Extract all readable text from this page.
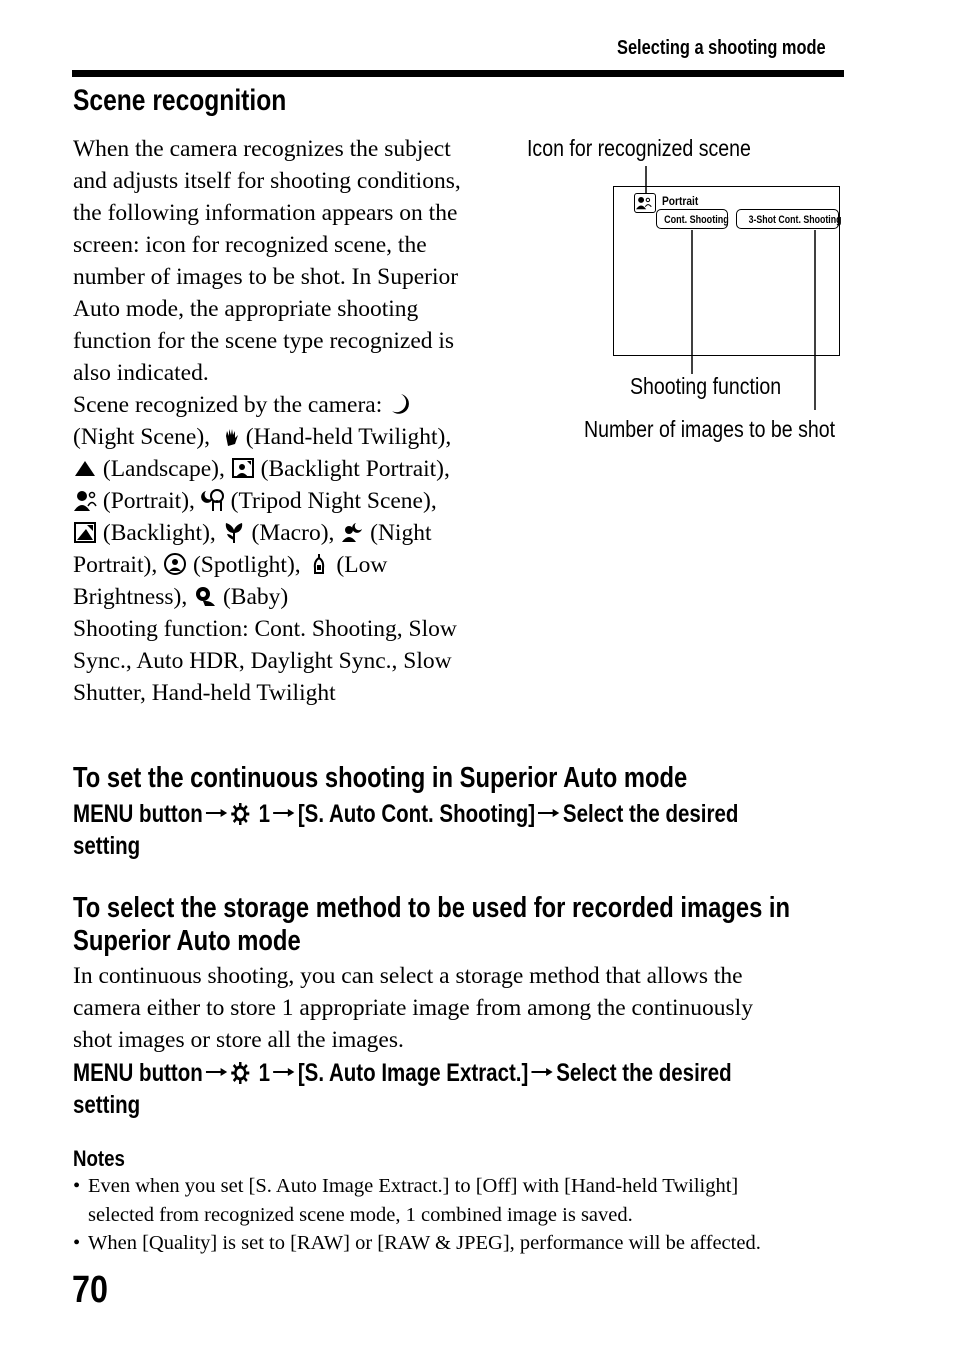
Selecting a shooting mode
Scene recognition
When the camera recognizes the subject
and adjusts itself for shooting conditions,
the following information appears on the
screen: icon for recognized scene, the
number of images to be shot. In Superior
Auto mode, the appropriate shooting
function for the scene type recognized is
also indicated.
Scene recognized by the camera:
(Night Scene), (Hand-held Twilight),
(Landscape), (Backlight Portrait),
(Portrait), (Tripod Night Scene),
(Backlight), (Macro), (Night
Portrait), (Spotlight), (Low
Brightness), (Baby)
Shooting function: Cont. Shooting, Slow
Sync., Auto HDR, Daylight Sync., Slow
Shutter, Hand-held Twilight
Icon for recognized scene
Portrait
Cont. Shooting	3-Shot Cont. Shooting
Shooting function
Number of images to be shot
To set the continuous shooting in Superior Auto mode
MENU button 1 [S. Auto Cont. Shooting] Select the desired
setting
To select the storage method to be used for recorded images in
Superior Auto mode
In continuous shooting, you can select a storage method that allows the
camera either to store 1 appropriate image from among the continuously
shot images or store all the images.
MENU button 1 [S. Auto Image Extract.] Select the desired
setting
Notes
• Even when you set [S. Auto Image Extract.] to [Off] with [Hand-held Twilight]
selected from recognized scene mode, 1 combined image is saved.
• When [Quality] is set to [RAW] or [RAW & JPEG], performance will be affected.
70
